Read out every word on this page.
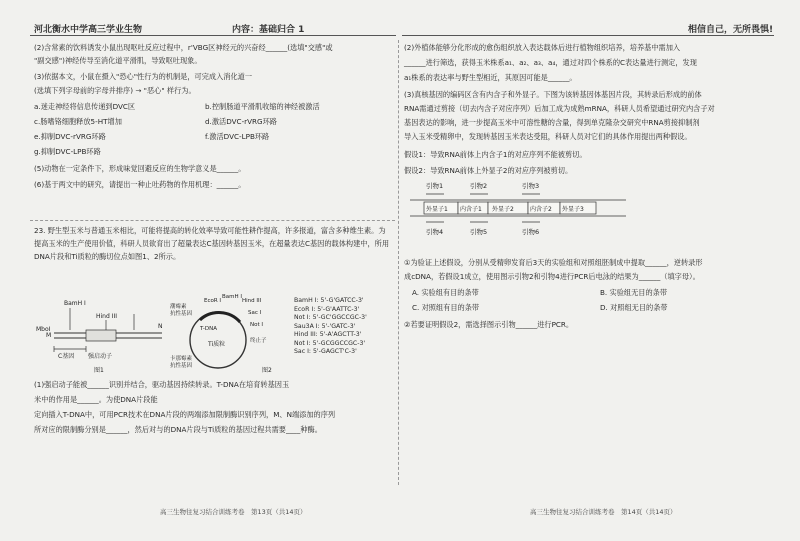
河北衡水中学高三学业生物	内容：基础归合 1	相信自己，无所畏惧!
(2)含常素的饮料诱发小鼠出现呕吐反应过程中，r'VBG区神经元的兴奋经______(选填"交感"或
"副交感")神经传导至消化道平滑肌，导致呕吐现象。
(3)依据本文，小鼠在摄入"恐心"性行为的机制是，可完成入消化道一
(选填下列字母前的字母并排序) → "恶心" 样行为。
a.迷走神经将信息传递到DVC区	b.控制肠道平滑肌收缩的神经被激活
c.肠嗜铬细胞释放5-HT增加	d.激活DVC-rVRG环路
e.抑制DVC-rVRG环路	f.激活DVC-LPB环路
g.抑制DVC-LPB环路
(5)动物在一定条件下，形成味觉回避反应的生物学意义是______。
(6)基于两文中的研究，请提出一种止吐药物的作用机理：______。
23. 野生型玉米与普通玉米相比，可能将提高的转化效率导致可能性耕作提高，许多报道，富含多种维生素。为提高玉米的生产使用价值，科研人员欲育出了超量表达C基因转基因玉米，在超量表达C基因的载体构建中，所用DNA片段和Ti质粒的酶切位点如图1、2所示。
BamH I
MboI
Hind III
N
M
C基因 强启动子
图1
T-DNA
Ti质粒
EcoR I
BamH I
Hind III
Sac I
Not I
潮霉素
抗性基因
卡那霉素
抗性基因
终止子
图2
BamH I: 5'-G'GATCC-3'
EcoR I: 5'-G'AATTC-3'
Not I: 5'-GC'GGCCGC-3'
Sau3A I: 5'-'GATC-3'
Hind III: 5'-A'AGCTT-3'
Not I: 5'-GCGGCCGC-3'
Sac I: 5'-GAGCT'C-3'
(1)强启动子能被______识别并结合，驱动基因持续转录。T-DNA在培育转基因玉
米中的作用是______。为使DNA片段能
定向插入T-DNA中，可用PCR技术在DNA片段的两端添加限制酶识别序列，M、N端添加的序列
所对应的限制酶分别是______，然后对与的DNA片段与Ti质粒的基因过程共需要____种酶。
高三生物往复习结合训练考卷　第13页（共14页）
(2)外植体能够分化形成的愈伤组织放入表达载体后进行植物组织培养，培养基中需加入
______进行筛选，获得玉米株系a₁、a₂、a₃、a₄，通过对四个株系的C表达量进行测定，发现
a₁株系的表达率与野生型相近，其原因可能是______。
(3)真核基因的编码区含有内含子和外显子。下图为该转基因体基因片段，其转录后形成的前体
RNA需通过剪接（切去内含子对应序列）后加工成为成熟mRNA，科研人员希望通过研究内含子对
基因表达的影响，进一步提高玉米中可溶性糖的含量，得到单克隆杂交研究中RNA剪接抑制剂
导入玉米受精卵中，发现转基因玉米表达受阻，科研人员对它们的具体作用提出两种假设。
假设1：导致RNA前体上内含子1的对应序列不能被剪切。
假设2：导致RNA前体上外显子2的对应序列被剪切。
引物1	引物2	引物3
外显子1 内含子1 外显子2	内含子2 外显子3
引物4	引物5	引物6
①为验证上述假设，分别从受精卵发育后3天的实验组和对照组胚制成中提取______，逆转录形
成cDNA，若假设1成立，使用图示引物2和引物4进行PCR后电泳的结果为______（填字母）。
A. 实验组有目的条带	B. 实验组无目的条带
C. 对照组有目的条带	D. 对照组无目的条带
②若要证明假设2，需选择图示引物______进行PCR。
高三生物往复习结合训练考卷　第14页（共14页）
